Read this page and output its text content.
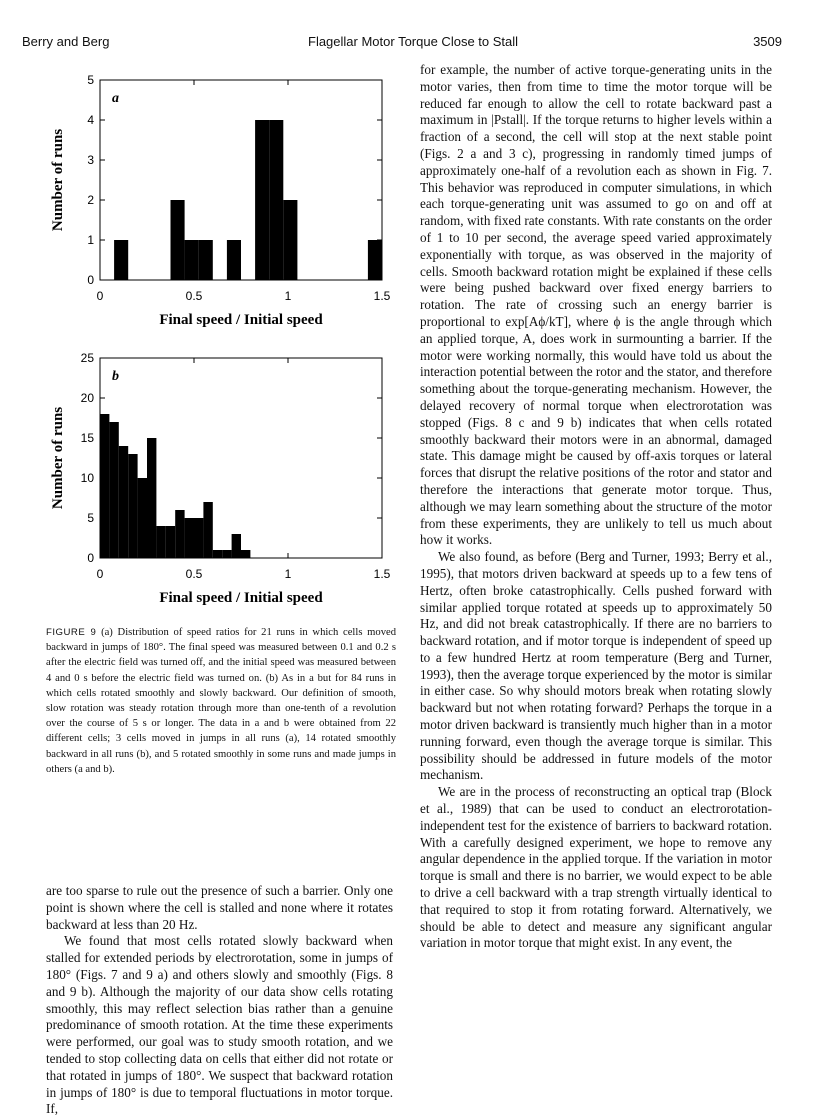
Berry and Berg	Flagellar Motor Torque Close to Stall	3509
0
1
2
3
4
5
0	0.5	1	1.5
a
Final speed / Initial speed
Number of runs
0
5
10
15
20
25
0	0.5	1	1.5
b
Final speed / Initial speed
Number of runs
FIGURE 9 (a) Distribution of speed ratios for 21 runs in which cells moved backward in jumps of 180°. The final speed was measured between 0.1 and 0.2 s after the electric field was turned off, and the initial speed was measured between 4 and 0 s before the electric field was turned on. (b) As in a but for 84 runs in which cells rotated smoothly and slowly backward. Our definition of smooth, slow rotation was steady rotation through more than one-tenth of a revolution over the course of 5 s or longer. The data in a and b were obtained from 22 different cells; 3 cells moved in jumps in all runs (a), 14 rotated smoothly backward in all runs (b), and 5 rotated smoothly in some runs and made jumps in others (a and b).

are too sparse to rule out the presence of such a barrier. Only one point is shown where the cell is stalled and none where it rotates backward at less than 20 Hz.

We found that most cells rotated slowly backward when stalled for extended periods by electrorotation, some in jumps of 180° (Figs. 7 and 9 a) and others slowly and smoothly (Figs. 8 and 9 b). Although the majority of our data show cells rotating smoothly, this may reflect selection bias rather than a genuine predominance of smooth rotation. At the time these experiments were performed, our goal was to study smooth rotation, and we tended to stop collecting data on cells that either did not rotate or that rotated in jumps of 180°. We suspect that backward rotation in jumps of 180° is due to temporal fluctuations in motor torque. If,

for example, the number of active torque-generating units in the motor varies, then from time to time the motor torque will be reduced far enough to allow the cell to rotate backward past a maximum in |Pstall|. If the torque returns to higher levels within a fraction of a second, the cell will stop at the next stable point (Figs. 2 a and 3 c), progressing in randomly timed jumps of approximately one-half of a revolution each as shown in Fig. 7. This behavior was reproduced in computer simulations, in which each torque-generating unit was assumed to go on and off at random, with fixed rate constants. With rate constants on the order of 1 to 10 per second, the average speed varied approximately exponentially with torque, as was observed in the majority of cells. Smooth backward rotation might be explained if these cells were being pushed backward over fixed energy barriers to rotation. The rate of crossing such an energy barrier is proportional to exp[Aϕ/kT], where ϕ is the angle through which an applied torque, A, does work in surmounting a barrier. If the motor were working normally, this would have told us about the interaction potential between the rotor and the stator, and therefore something about the torque-generating mechanism. However, the delayed recovery of normal torque when electrorotation was stopped (Figs. 8 c and 9 b) indicates that when cells rotated smoothly backward their motors were in an abnormal, damaged state. This damage might be caused by off-axis torques or lateral forces that disrupt the relative positions of the rotor and stator and therefore the interactions that generate motor torque. Thus, although we may learn something about the structure of the motor from these experiments, they are unlikely to tell us much about how it works.

We also found, as before (Berg and Turner, 1993; Berry et al., 1995), that motors driven backward at speeds up to a few tens of Hertz, often broke catastrophically. Cells pushed forward with similar applied torque rotated at speeds up to approximately 50 Hz, and did not break catastrophically. If there are no barriers to backward rotation, and if motor torque is independent of speed up to a few hundred Hertz at room temperature (Berg and Turner, 1993), then the average torque experienced by the motor is similar in either case. So why should motors break when rotating slowly backward but not when rotating forward? Perhaps the torque in a motor driven backward is transiently much higher than in a motor running forward, even though the average torque is similar. This possibility should be addressed in future models of the motor mechanism.

We are in the process of reconstructing an optical trap (Block et al., 1989) that can be used to conduct an electrorotation-independent test for the existence of barriers to backward rotation. With a carefully designed experiment, we hope to remove any angular dependence in the applied torque. If the variation in motor torque is small and there is no barrier, we would expect to be able to drive a cell backward with a trap strength virtually identical to that required to stop it from rotating forward. Alternatively, we should be able to detect and measure any significant angular variation in motor torque that might exist. In any event, the
